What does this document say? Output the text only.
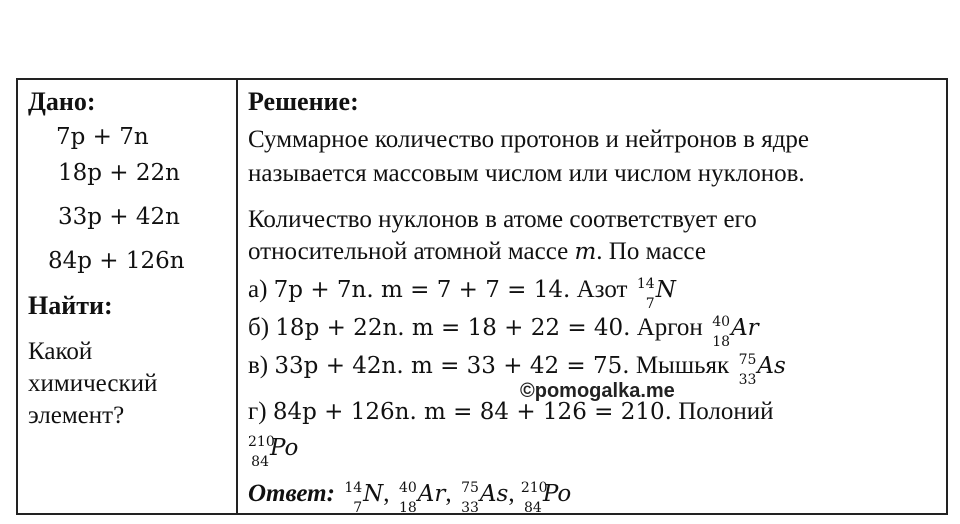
Дано:
7p + 7n
18p + 22n
33p + 42n
84p + 126n
Найти:
Какой
химический
элемент?
Решение:
Суммарное количество протонов и нейтронов в ядре
называется массовым числом или числом нуклонов.
Количество нуклонов в атоме соответствует его
относительной атомной массе m. По массе
а) 7p + 7n. m = 7 + 7 = 14. Азот 14
7
N
б) 18p + 22n. m = 18 + 22 = 40. Аргон 40
18
Ar
в) 33p + 42n. m = 33 + 42 = 75. Мышьяк 75
33
As
©pomogalka.me
г) 84p + 126n. m = 84 + 126 = 210. Полоний
210
84
Po
Ответ: 14
7
N, 40
18
Ar, 75
33
As, 210
84
Po
